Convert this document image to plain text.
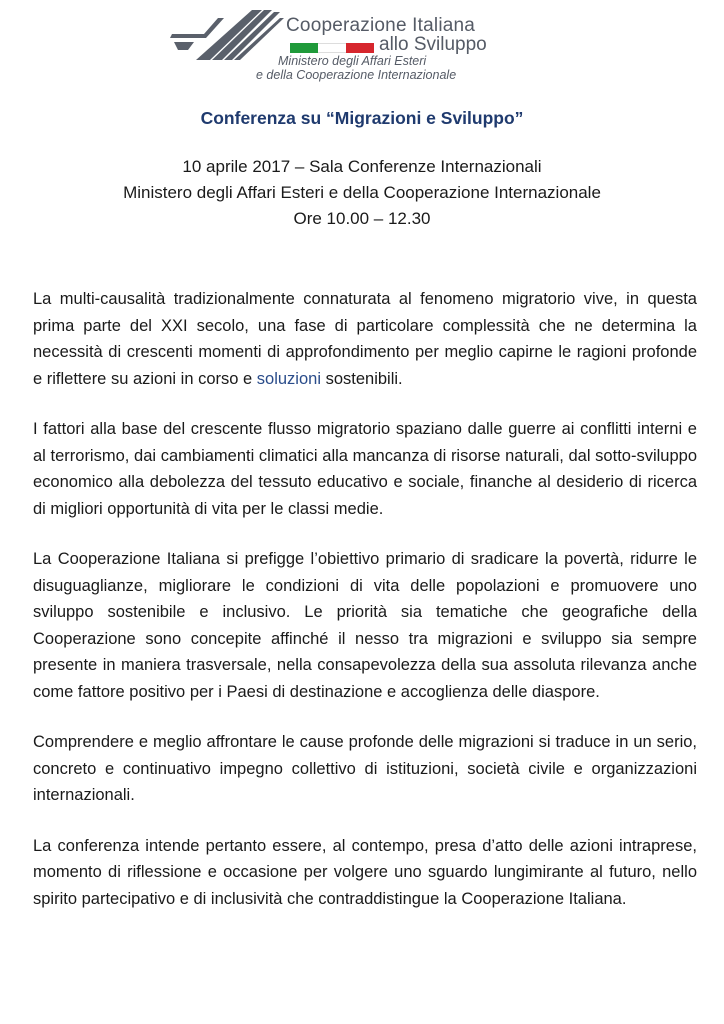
Cooperazione Italiana
allo Sviluppo
Ministero degli Affari Esteri
e della Cooperazione Internazionale
Conferenza su “Migrazioni e Sviluppo”
10 aprile 2017 – Sala Conferenze Internazionali
Ministero degli Affari Esteri e della Cooperazione Internazionale
Ore 10.00 – 12.30

La multi-causalità tradizionalmente connaturata al fenomeno migratorio vive, in questa prima parte del XXI secolo, una fase di particolare complessità che ne determina la necessità di crescenti momenti di approfondimento per meglio capirne le ragioni profonde e riflettere su azioni in corso e soluzioni sostenibili.

I fattori alla base del crescente flusso migratorio spaziano dalle guerre ai conflitti interni e al terrorismo, dai cambiamenti climatici alla mancanza di risorse naturali, dal sotto-sviluppo economico alla debolezza del tessuto educativo e sociale, finanche al desiderio di ricerca di migliori opportunità di vita per le classi medie.

La Cooperazione Italiana si prefigge l’obiettivo primario di sradicare la povertà, ridurre le disuguaglianze, migliorare le condizioni di vita delle popolazioni e promuovere uno sviluppo sostenibile e inclusivo. Le priorità sia tematiche che geografiche della Cooperazione sono concepite affinché il nesso tra migrazioni e sviluppo sia sempre presente in maniera trasversale, nella consapevolezza della sua assoluta rilevanza anche come fattore positivo per i Paesi di destinazione e accoglienza delle diaspore.

Comprendere e meglio affrontare le cause profonde delle migrazioni si traduce in un serio, concreto e continuativo impegno collettivo di istituzioni, società civile e organizzazioni internazionali.

La conferenza intende pertanto essere, al contempo, presa d’atto delle azioni intraprese, momento di riflessione e occasione per volgere uno sguardo lungimirante al futuro, nello spirito partecipativo e di inclusività che contraddistingue la Cooperazione Italiana.
